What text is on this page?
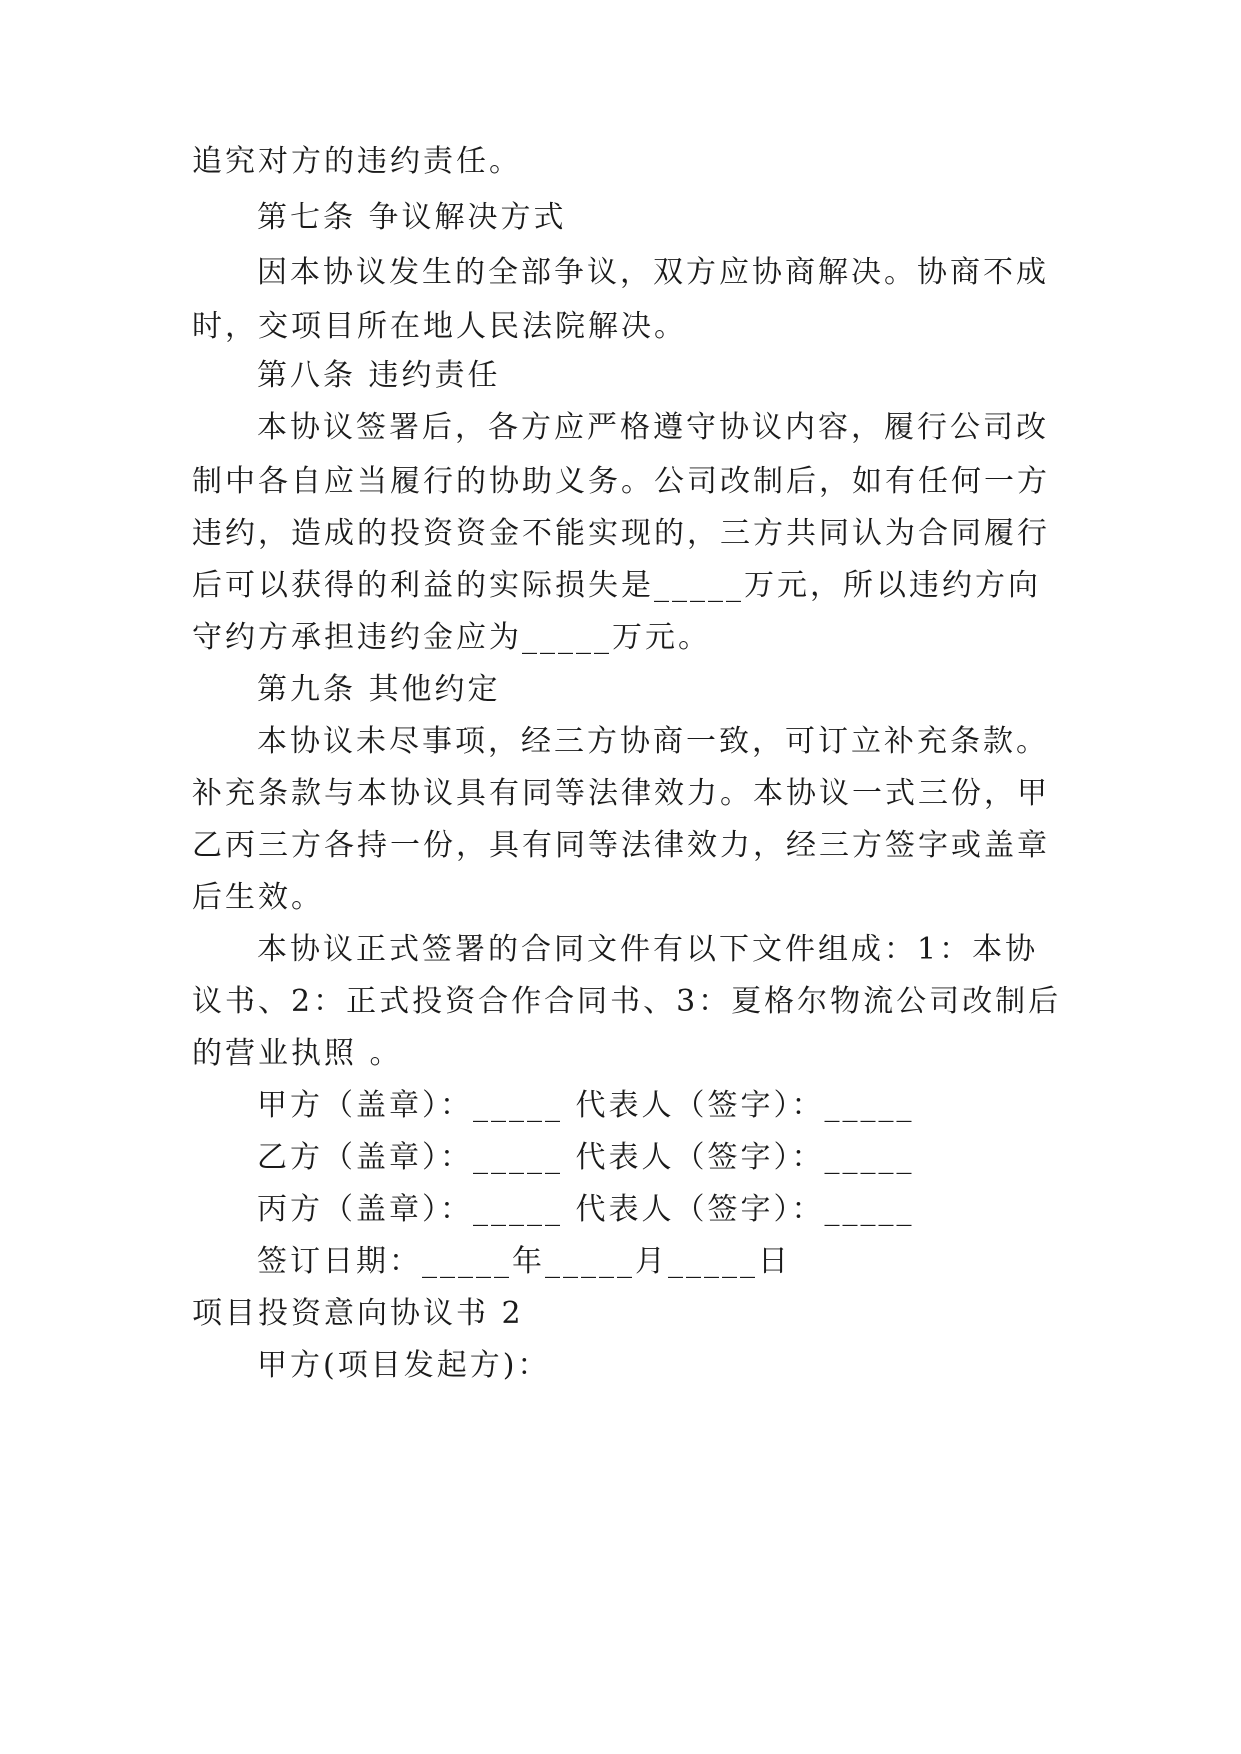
追究对方的违约责任。
第七条 争议解决方式
因本协议发生的全部争议，双方应协商解决。协商不成
时，交项目所在地人民法院解决。
第八条 违约责任
本协议签署后，各方应严格遵守协议内容，履行公司改
制中各自应当履行的协助义务。公司改制后，如有任何一方
违约，造成的投资资金不能实现的，三方共同认为合同履行
后可以获得的利益的实际损失是_____万元，所以违约方向
守约方承担违约金应为_____万元。
第九条 其他约定
本协议未尽事项，经三方协商一致，可订立补充条款。
补充条款与本协议具有同等法律效力。本协议一式三份，甲
乙丙三方各持一份，具有同等法律效力，经三方签字或盖章
后生效。
本协议正式签署的合同文件有以下文件组成：1：本协
议书、2：正式投资合作合同书、3：夏格尔物流公司改制后
的营业执照 。
甲方（盖章）：_____ 代表人（签字）：_____
乙方（盖章）：_____ 代表人（签字）：_____
丙方（盖章）：_____ 代表人（签字）：_____
签订日期：_____年_____月_____日
项目投资意向协议书 2
甲方(项目发起方)：
